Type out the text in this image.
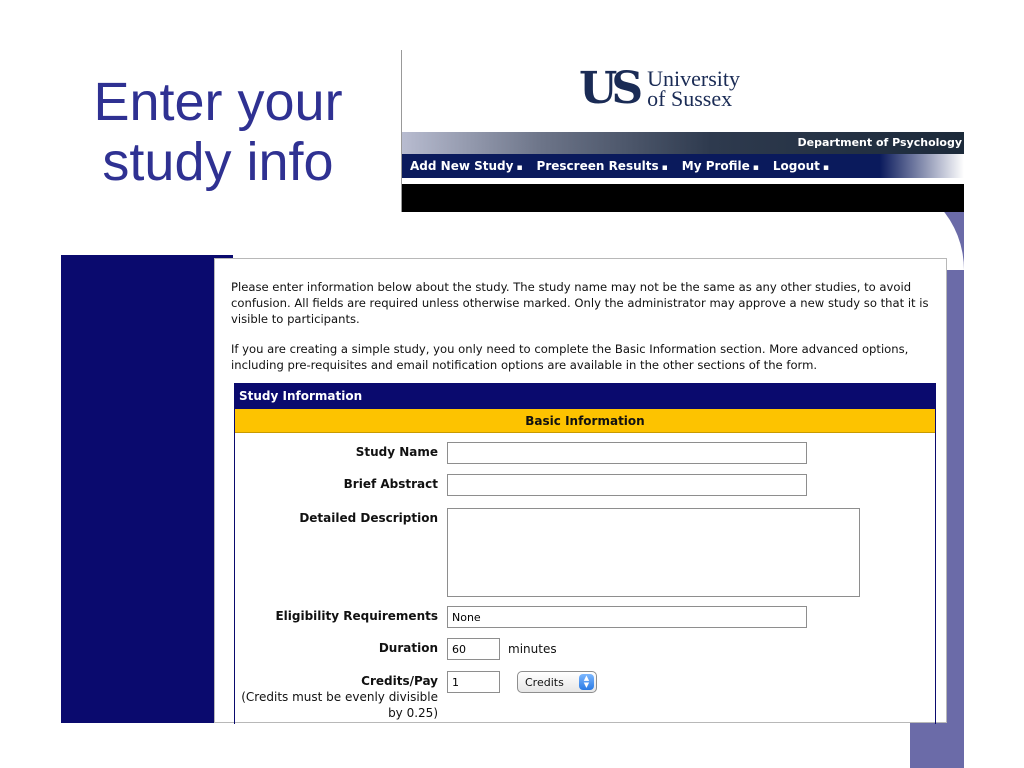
Enter your study info
US University
of Sussex
Department of Psychology
Add New Study ▪ Prescreen Results ▪ My Profile ▪ Logout ▪

Please enter information below about the study. The study name may not be the same as any other studies, to avoid confusion. All fields are required unless otherwise marked. Only the administrator may approve a new study so that it is visible to participants.

If you are creating a simple study, you only need to complete the Basic Information section. More advanced options, including pre-requisites and email notification options are available in the other sections of the form.

Study Information
Basic Information
Study Name
Brief Abstract
Detailed Description
Eligibility Requirements
None
Duration
60	minutes
Credits/Pay
(Credits must be evenly divisible by 0.25)
1
Credits	▲
▼
